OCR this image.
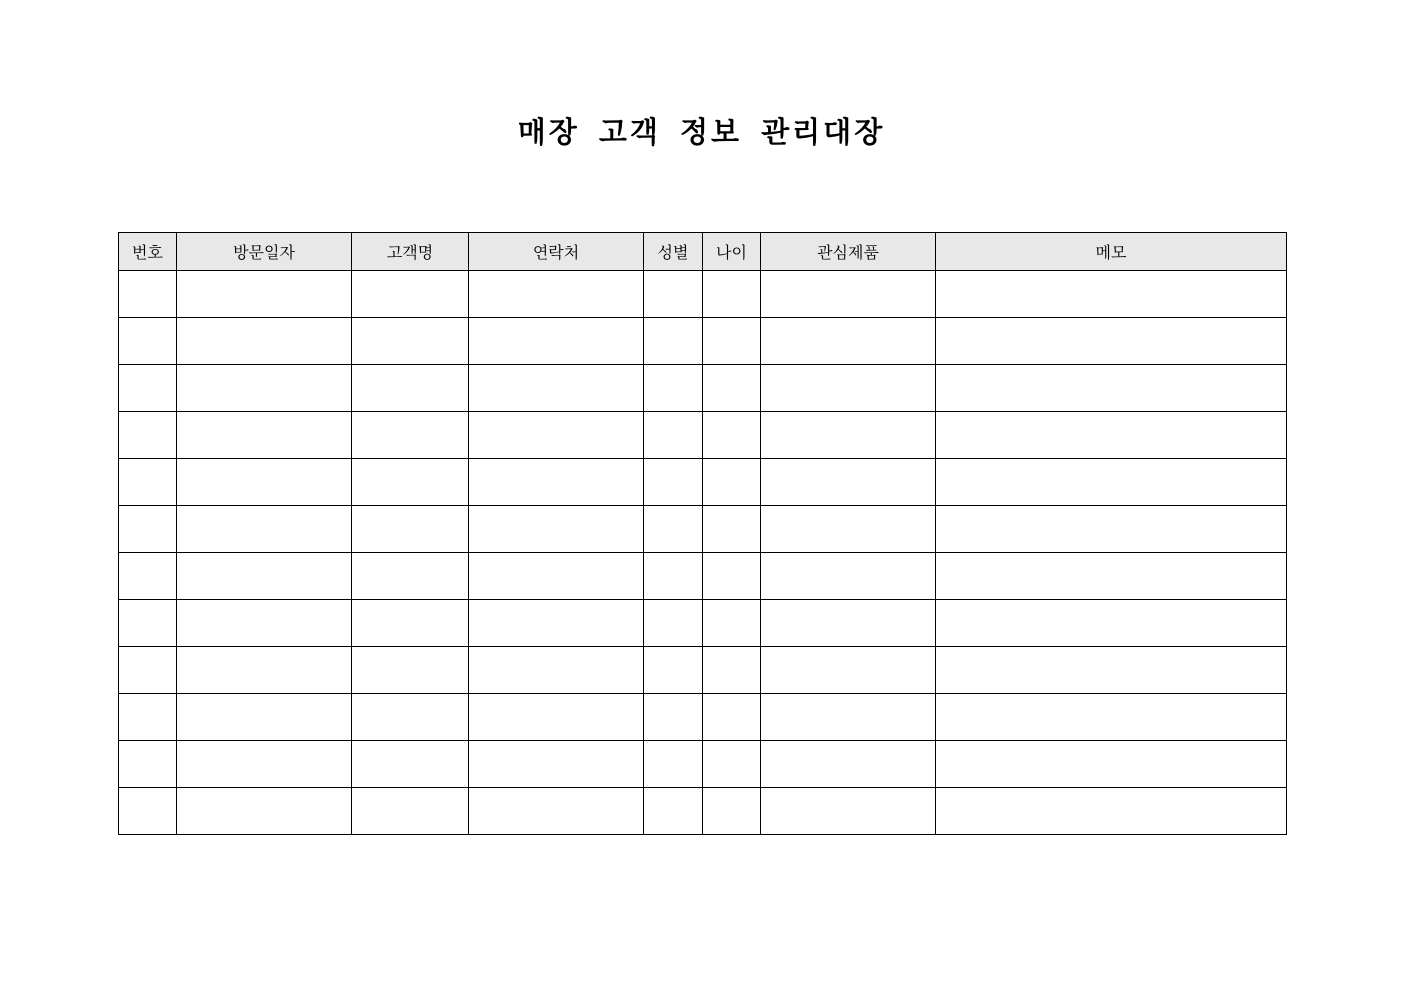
매장 고객 정보 관리대장
번호	방문일자	고객명	연락처	성별	나이	관심제품	메모
